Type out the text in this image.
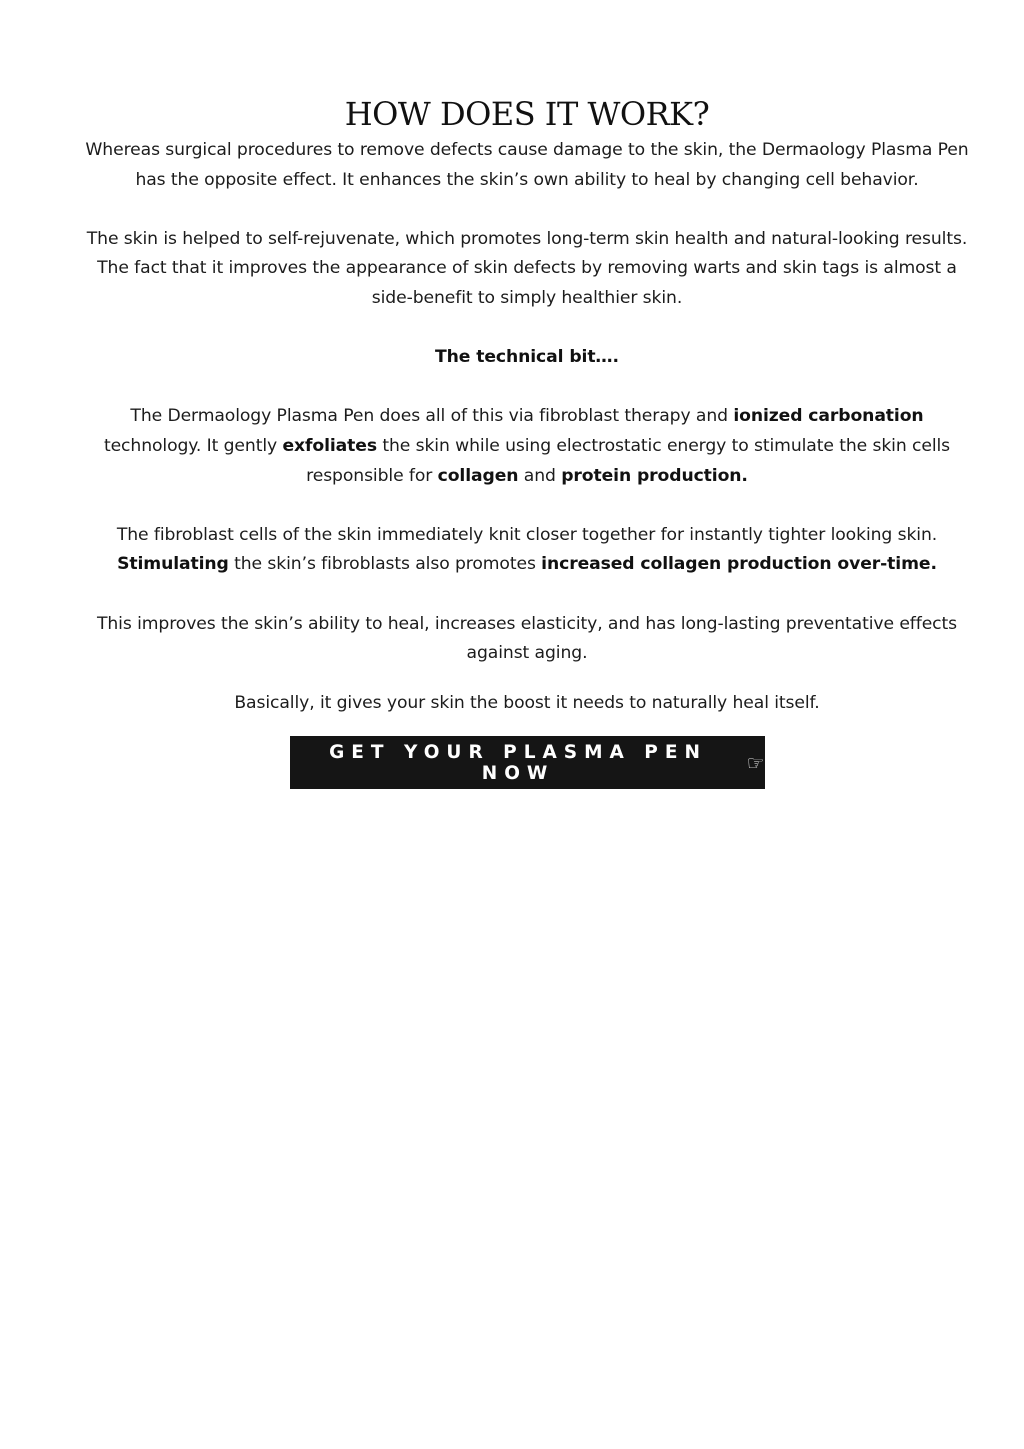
HOW DOES IT WORK?

Whereas surgical procedures to remove defects cause damage to the skin, the Dermaology Plasma Pen has the opposite effect. It enhances the skin’s own ability to heal by changing cell behavior.

The skin is helped to self-rejuvenate, which promotes long-term skin health and natural-looking results. The fact that it improves the appearance of skin defects by removing warts and skin tags is almost a side-benefit to simply healthier skin.

The technical bit….

The Dermaology Plasma Pen does all of this via fibroblast therapy and ionized carbonation technology. It gently exfoliates the skin while using electrostatic energy to stimulate the skin cells responsible for collagen and protein production.

The fibroblast cells of the skin immediately knit closer together for instantly tighter looking skin. Stimulating the skin’s fibroblasts also promotes increased collagen production over-time.

This improves the skin’s ability to heal, increases elasticity, and has long-lasting preventative effects against aging.

Basically, it gives your skin the boost it needs to naturally heal itself.

GET YOUR PLASMA PEN NOW	☞
